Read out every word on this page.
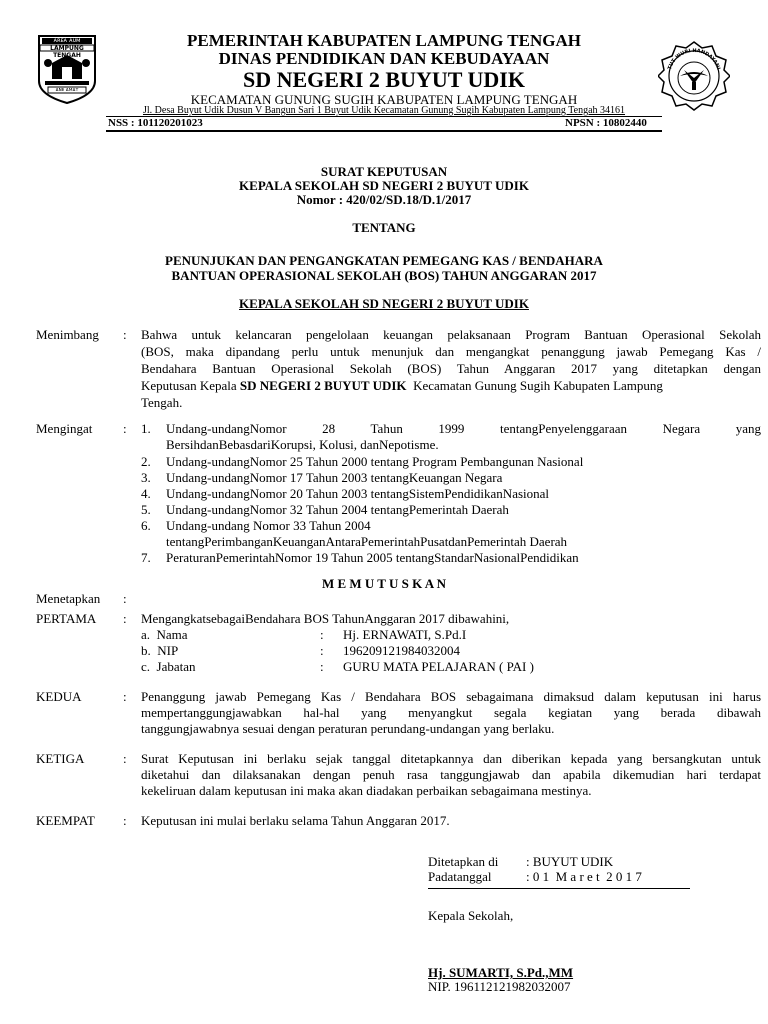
ᴀʀᴇᴀ ᴀᴜᴍ
LAMPUNG TENGAH
ᴀɴᴇ ᴀᴍᴀᴛ
TUT WURI HANDAYANI
PEMERINTAH KABUPATEN LAMPUNG TENGAH
DINAS PENDIDIKAN DAN KEBUDAYAAN
SD NEGERI 2 BUYUT UDIK
KECAMATAN GUNUNG SUGIH KABUPATEN LAMPUNG TENGAH
Jl. Desa Buyut Udik Dusun V Bangun Sari 1 Buyut Udik Kecamatan Gunung Sugih Kabupaten Lampung Tengah 34161
NSS : 101120201023	NPSN : 10802440
SURAT KEPUTUSAN
KEPALA SEKOLAH SD NEGERI 2 BUYUT UDIK
Nomor : 420/02/SD.18/D.1/2017
TENTANG
PENUNJUKAN DAN PENGANGKATAN PEMEGANG KAS / BENDAHARA
BANTUAN OPERASIONAL SEKOLAH (BOS) TAHUN ANGGARAN 2017
KEPALA SEKOLAH SD NEGERI 2 BUYUT UDIK
Menimbang : Bahwa untuk kelancaran pengelolaan keuangan pelaksanaan Program Bantuan Operasional Sekolah
(BOS, maka dipandang perlu untuk menunjuk dan mengangkat penanggung jawab Pemegang Kas /
Bendahara Bantuan Operasional Sekolah (BOS) Tahun Anggaran 2017 yang ditetapkan dengan
Keputusan Kepala SD NEGERI 2 BUYUT UDIK  Kecamatan Gunung Sugih Kabupaten Lampung
Tengah.
Mengingat : 1. Undang-undangNomor    28    Tahun    1999    tentangPenyelenggaraan    Negara    yang
BersihdanBebasdariKorupsi, Kolusi, danNepotisme.
2. Undang-undangNomor 25 Tahun 2000 tentang Program Pembangunan Nasional
3. Undang-undangNomor 17 Tahun 2003 tentangKeuangan Negara
4. Undang-undangNomor 20 Tahun 2003 tentangSistemPendidikanNasional
5. Undang-undangNomor 32 Tahun 2004 tentangPemerintah Daerah
6. Undang-undang Nomor 33 Tahun 2004
tentangPerimbanganKeuanganAntaraPemerintahPusatdanPemerintah Daerah
7. PeraturanPemerintahNomor 19 Tahun 2005 tentangStandarNasionalPendidikan
M E M U T U S K A N
Menetapkan :
PERTAMA : MengangkatsebagaiBendahara BOS TahunAnggaran 2017 dibawahini,
a.  Nama	: Hj. ERNAWATI, S.Pd.I
b.  NIP	: 196209121984032004
c.  Jabatan	: GURU MATA PELAJARAN ( PAI )
KEDUA	: Penanggung jawab Pemegang Kas / Bendahara BOS sebagaimana dimaksud dalam keputusan ini harus
mempertanggungjawabkan  hal-hal  yang  menyangkut  segala  kegiatan  yang  berada  dibawah
tanggungjawabnya sesuai dengan peraturan perundang-undangan yang berlaku.
KETIGA	: Surat Keputusan ini berlaku sejak tanggal ditetapkannya dan diberikan kepada yang bersangkutan untuk
diketahui dan dilaksanakan dengan penuh rasa tanggungjawab dan apabila dikemudian hari terdapat
kekeliruan dalam keputusan ini maka akan diadakan perbaikan sebagaimana mestinya.
KEEMPAT : Keputusan ini mulai berlaku selama Tahun Anggaran 2017.
Ditetapkan di : BUYUT UDIK
Padatanggal	: 0 1  M a r e t  2 0 1 7
Kepala Sekolah,
Hj. SUMARTI, S.Pd.,MM
NIP. 196112121982032007
